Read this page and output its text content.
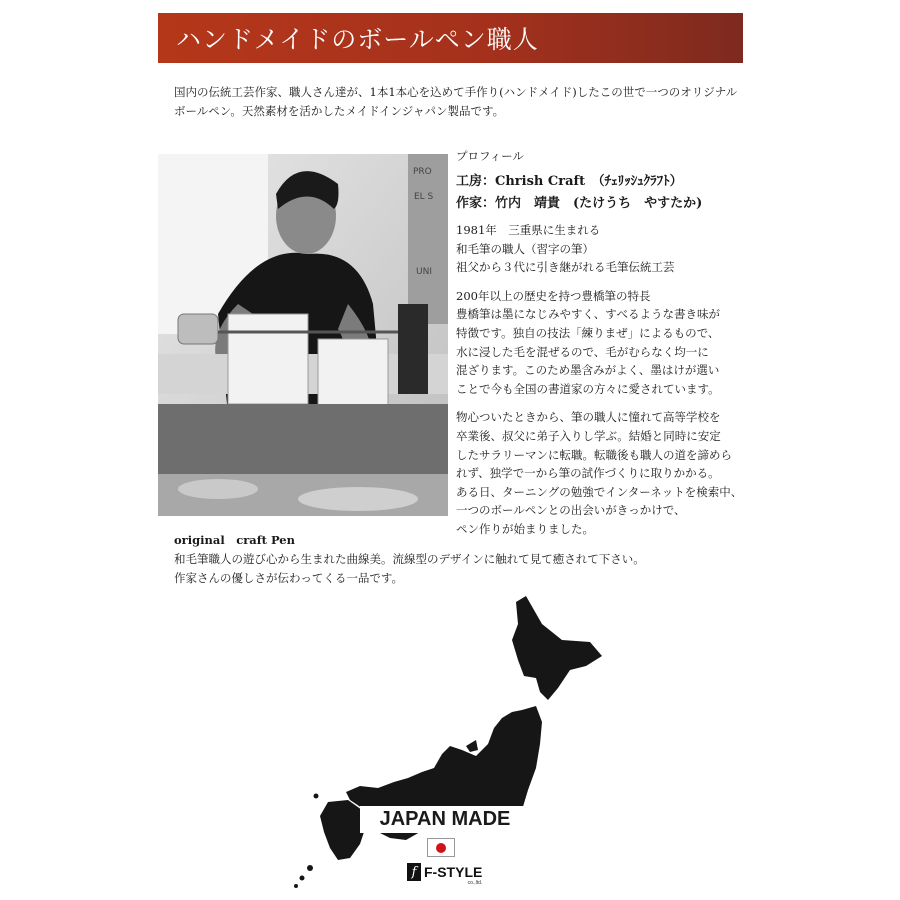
ハンドメイドのボールペン職人

国内の伝統工芸作家、職人さん達が、1本1本心を込めて手作り(ハンドメイド)したこの世で一つのオリジナル

ボールペン。天然素材を活かしたメイドインジャパン製品です。

PRO
EL S
UNI
プロフィール
工房：Chrish Craft　（ﾁｪﾘｯｼｭｸﾗﾌﾄ）
作家：竹内　靖貴　(たけうち　やすたか)
1981年　三重県に生まれる
和毛筆の職人（習字の筆）
祖父から３代に引き継がれる毛筆伝統工芸
200年以上の歴史を持つ豊橋筆の特長
豊橋筆は墨になじみやすく、すべるような書き味が
特徴です。独自の技法「練りまぜ」によるもので、
水に浸した毛を混ぜるので、毛がむらなく均一に
混ざります。このため墨含みがよく、墨はけが選い
ことで今も全国の書道家の方々に愛されています。
物心ついたときから、筆の職人に憧れて高等学校を
卒業後、叔父に弟子入りし学ぶ。結婚と同時に安定
したサラリーマンに転職。転職後も職人の道を諦めら
れず、独学で一から筆の試作づくりに取りかかる。
ある日、ターニングの勉強でインターネットを検索中、
一つのボールペンとの出会いがきっかけで、
ペン作りが始まりました。
original　craft Pen
和毛筆職人の遊び心から生まれた曲線美。流線型のデザインに触れて見て癒されて下さい。
作家さんの優しさが伝わってくる一品です。
JAPAN MADE
f F-STYLE
co.,ltd.
